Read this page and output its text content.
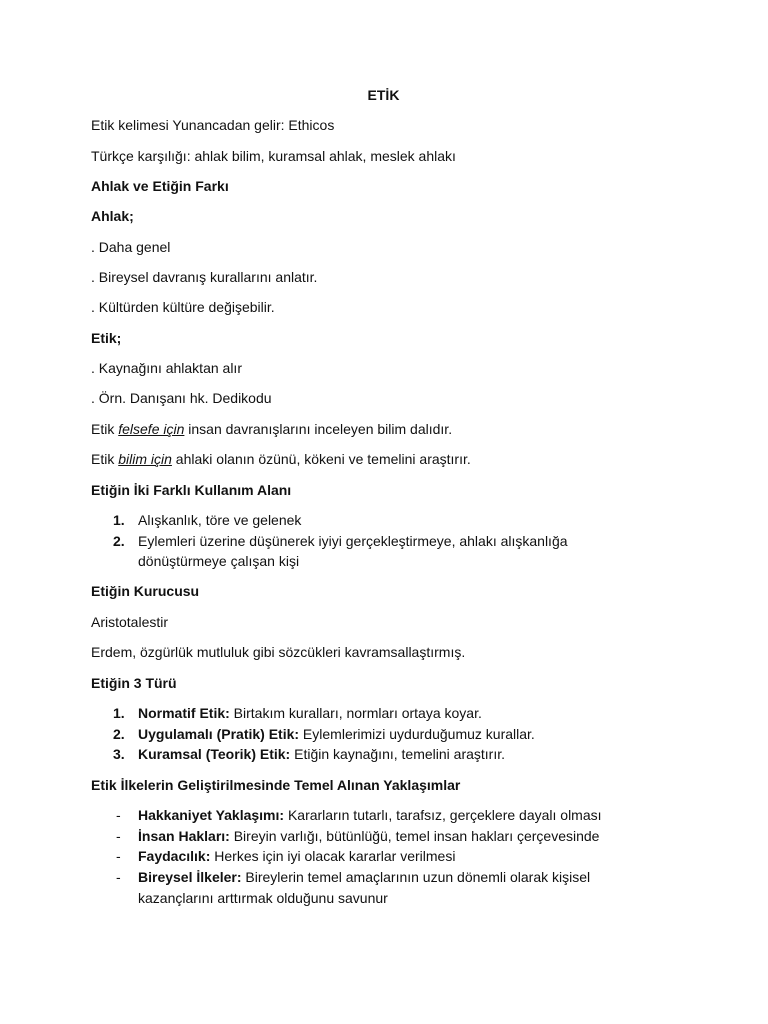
ETİK
Etik kelimesi Yunancadan gelir: Ethicos
Türkçe karşılığı: ahlak bilim, kuramsal ahlak, meslek ahlakı
Ahlak ve Etiğin Farkı
Ahlak;
. Daha genel
. Bireysel davranış kurallarını anlatır.
. Kültürden kültüre değişebilir.
Etik;
. Kaynağını ahlaktan alır
. Örn. Danışanı hk. Dedikodu
Etik felsefe için insan davranışlarını inceleyen bilim dalıdır.
Etik bilim için ahlaki olanın özünü, kökeni ve temelini araştırır.
Etiğin İki Farklı Kullanım Alanı
1. Alışkanlık, töre ve gelenek
2. Eylemleri üzerine düşünerek iyiyi gerçekleştirmeye, ahlakı alışkanlığa
dönüştürmeye çalışan kişi
Etiğin Kurucusu
Aristotalestir
Erdem, özgürlük mutluluk gibi sözcükleri kavramsallaştırmış.
Etiğin 3 Türü
1. Normatif Etik: Birtakım kuralları, normları ortaya koyar.
2. Uygulamalı (Pratik) Etik: Eylemlerimizi uydurduğumuz kurallar.
3. Kuramsal (Teorik) Etik: Etiğin kaynağını, temelini araştırır.
Etik İlkelerin Geliştirilmesinde Temel Alınan Yaklaşımlar
- Hakkaniyet Yaklaşımı: Kararların tutarlı, tarafsız, gerçeklere dayalı olması
- İnsan Hakları: Bireyin varlığı, bütünlüğü, temel insan hakları çerçevesinde
- Faydacılık: Herkes için iyi olacak kararlar verilmesi
- Bireysel İlkeler: Bireylerin temel amaçlarının uzun dönemli olarak kişisel
kazançlarını arttırmak olduğunu savunur
